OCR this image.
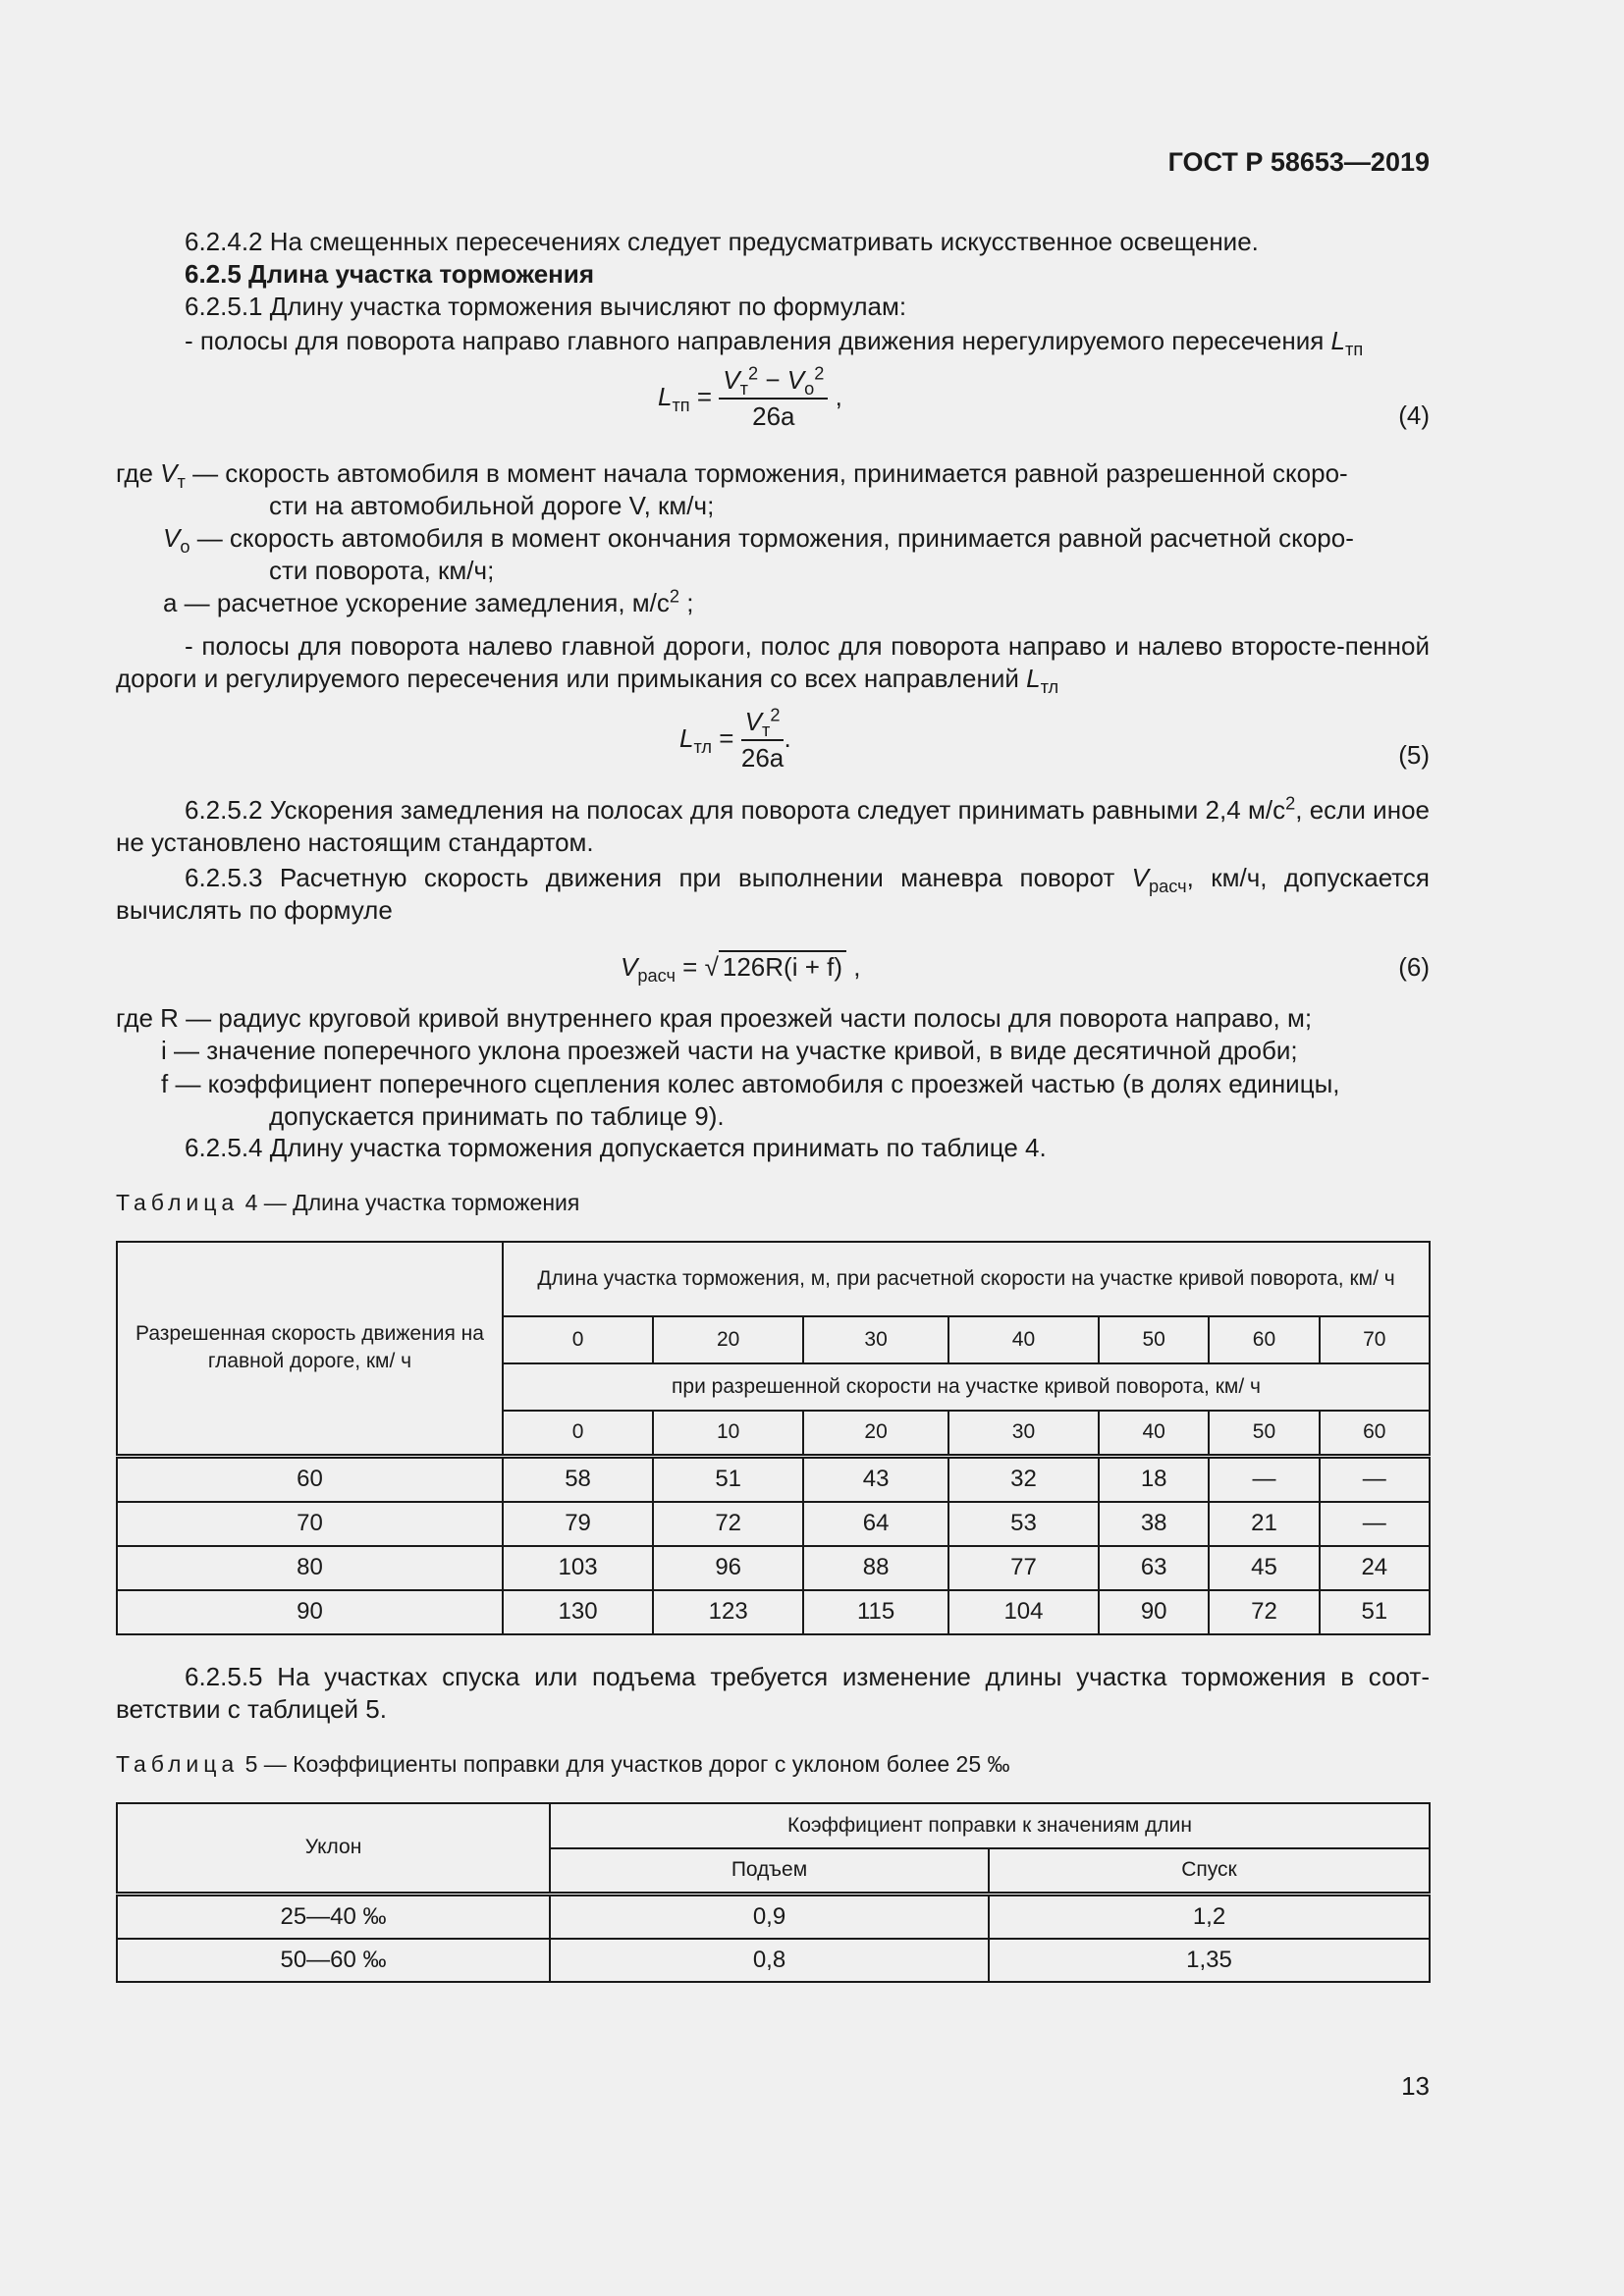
ГОСТ Р 58653—2019
6.2.4.2 На смещенных пересечениях следует предусматривать искусственное освещение.
6.2.5 Длина участка торможения
6.2.5.1 Длину участка торможения вычисляют по формулам:
- полосы для поворота направо главного направления движения нерегулируемого пересечения $L_{тп}$
$L_{тп} = \frac{V_т^2 - V_о^2}{26a}$ ,
(4)
где $V_т$ — скорость автомобиля в момент начала торможения, принимается равной разрешенной скоро-
сти на автомобильной дороге V, км/ч;
$V_о$ — скорость автомобиля в момент окончания торможения, принимается равной расчетной скоро-
сти поворота, км/ч;
а — расчетное ускорение замедления, $м/с^2$ ;
- полосы для поворота налево главной дороги, полос для поворота направо и налево второсте-пенной дороги и регулируемого пересечения или примыкания со всех направлений $L_{тл}$
$L_{тл} = \frac{V_т^2}{26a}$ .
(5)
6.2.5.2 Ускорения замедления на полосах для поворота следует принимать равными 2,4 $м/с^2$, если иное не установлено настоящим стандартом.
6.2.5.3 Расчетную скорость движения при выполнении маневра поворот $V_{расч}$, км/ч, допускается вычислять по формуле
$V_{расч}$ = √ 126R(i + f) ,	(6)
где R — радиус круговой кривой внутреннего края проезжей части полосы для поворота направо, м;
i — значение поперечного уклона проезжей части на участке кривой, в виде десятичной дроби;
f — коэффициент поперечного сцепления колес автомобиля с проезжей частью (в долях единицы,
допускается принимать по таблице 9).
6.2.5.4 Длину участка торможения допускается принимать по таблице 4.
Таблица 4 — Длина участка торможения
Разрешенная скорость движения на главной дороге, км/ ч	Длина участка торможения, м, при расчетной скорости на участке кривой поворота, км/ ч						
	0	20	30	40	50	60	70
	при разрешенной скорости на участке кривой поворота, км/ ч						
	0	10	20	30	40	50	60
60	58	51	43	32	18	—	—
70	79	72	64	53	38	21	—
80	103	96	88	77	63	45	24
90	130	123	115	104	90	72	51
6.2.5.5 На участках спуска или подъема требуется изменение длины участка торможения в соот-ветствии с таблицей 5.
Таблица 5 — Коэффициенты поправки для участков дорог с уклоном более 25 ‰
Уклон	Коэффициент поправки к значениям длин	
	Подъем	Спуск
25—40 ‰	0,9	1,2
50—60 ‰	0,8	1,35
13
